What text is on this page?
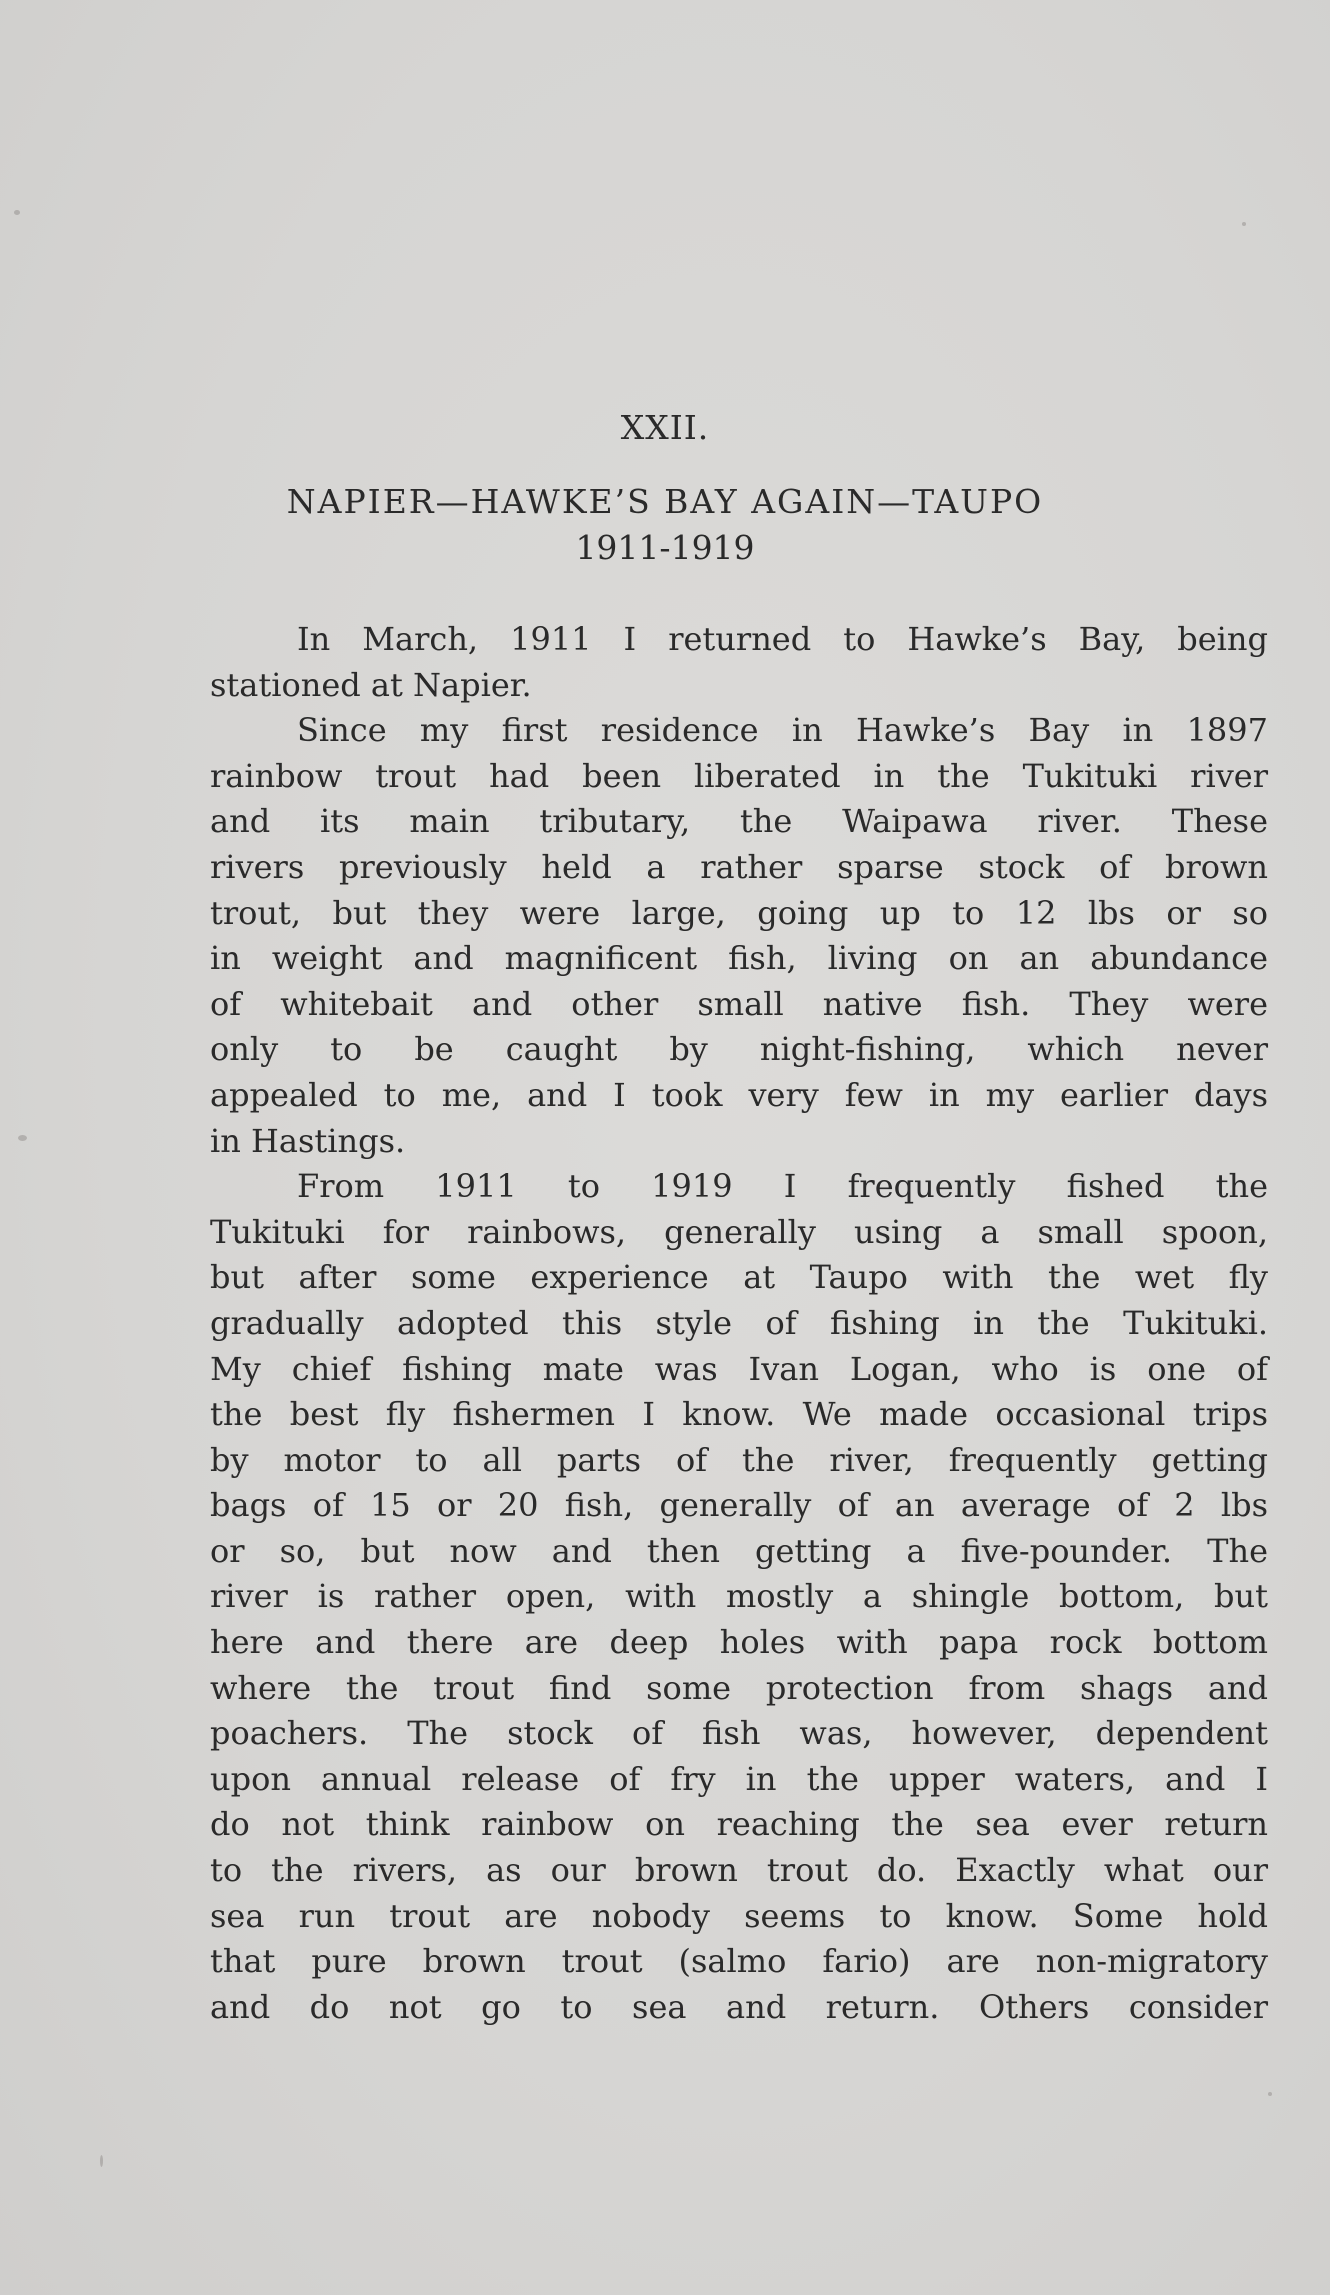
XXII.
NAPIER—HAWKE’S BAY AGAIN—TAUPO
1911-1919
In March, 1911 I returned to Hawke’s Bay, being
stationed at Napier.
Since my first residence in Hawke’s Bay in 1897
rainbow trout had been liberated in the Tukituki river
and its main tributary, the Waipawa river. These
rivers previously held a rather sparse stock of brown
trout, but they were large, going up to 12 lbs or so
in weight and magnificent fish, living on an abundance
of whitebait and other small native fish. They were
only to be caught by night-fishing, which never
appealed to me, and I took very few in my earlier days
in Hastings.
From 1911 to 1919 I frequently fished the
Tukituki for rainbows, generally using a small spoon,
but after some experience at Taupo with the wet fly
gradually adopted this style of fishing in the Tukituki.
My chief fishing mate was Ivan Logan, who is one of
the best fly fishermen I know. We made occasional trips
by motor to all parts of the river, frequently getting
bags of 15 or 20 fish, generally of an average of 2 lbs
or so, but now and then getting a five-pounder. The
river is rather open, with mostly a shingle bottom, but
here and there are deep holes with papa rock bottom
where the trout find some protection from shags and
poachers. The stock of fish was, however, dependent
upon annual release of fry in the upper waters, and I
do not think rainbow on reaching the sea ever return
to the rivers, as our brown trout do. Exactly what our
sea run trout are nobody seems to know. Some hold
that pure brown trout (salmo fario) are non-migratory
and do not go to sea and return. Others consider
